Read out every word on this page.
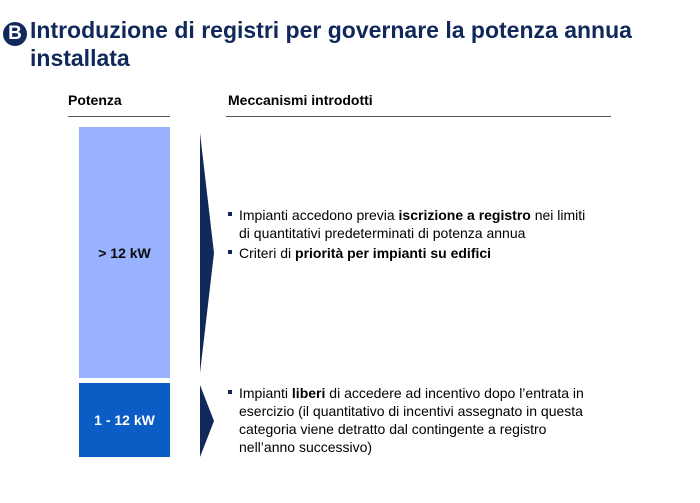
B Introduzione di registri per governare la potenza annua installata

Potenza	Meccanismi introdotti

> 12 kW
1 - 12 kW
Impianti accedono previa iscrizione a registro nei limiti di quantitativi predeterminati di potenza annua
Criteri di priorità per impianti su edifici
Impianti liberi di accedere ad incentivo dopo l’entrata in esercizio (il quantitativo di incentivi assegnato in questa categoria viene detratto dal contingente a registro nell’anno successivo)
